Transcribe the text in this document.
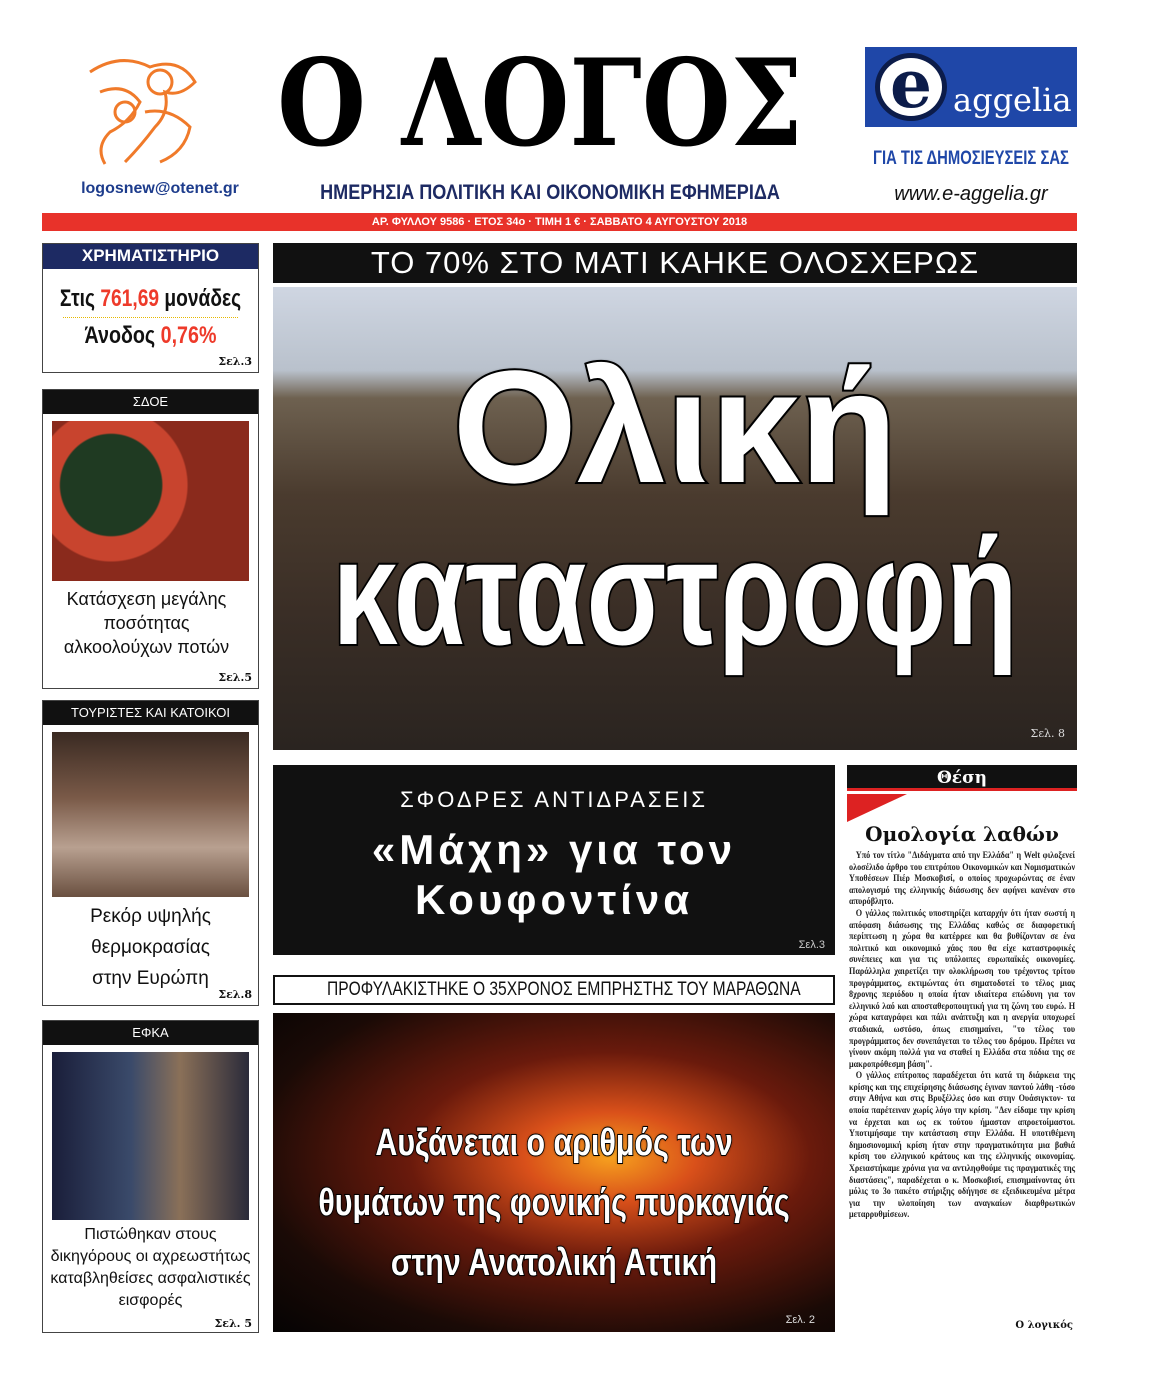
logosnew@otenet.gr
Ο ΛΟΓΟΣ
ΗΜΕΡΗΣΙΑ ΠΟΛΙΤΙΚΗ ΚΑΙ ΟΙΚΟΝΟΜΙΚΗ ΕΦΗΜΕΡΙΔΑ
ΑΡ. ΦΥΛΛΟΥ 9586 · ΕΤΟΣ 34ο · ΤΙΜΗ 1 € · ΣΑΒΒΑΤΟ 4 ΑΥΓΟΥΣΤΟΥ 2018
e aggelia
ΓΙΑ ΤΙΣ ΔΗΜΟΣΙΕΥΣΕΙΣ ΣΑΣ
www.e-aggelia.gr
ΧΡΗΜΑΤΙΣΤΗΡΙΟ
Στις 761,69 μονάδες
Άνοδος 0,76%
Σελ.3
ΣΔΟΕ
Κατάσχεση μεγάλης ποσότητας αλκοολούχων ποτών
Σελ.5
ΤΟΥΡΙΣΤΕΣ ΚΑΙ ΚΑΤΟΙΚΟΙ
Ρεκόρ υψηλής θερμοκρασίας στην Ευρώπη
Σελ.8
ΕΦΚΑ
Πιστώθηκαν στους δικηγόρους οι αχρεωστήτως καταβληθείσες ασφαλιστικές εισφορές
Σελ. 5
ΤΟ 70% ΣΤΟ ΜΑΤΙ ΚΑΗΚΕ ΟΛΟΣΧΕΡΩΣ
Ολική
καταστροφή
Σελ. 8
ΣΦΟΔΡΕΣ ΑΝΤΙΔΡΑΣΕΙΣ
«Μάχη» για τον
Κουφοντίνα
Σελ.3
ΠΡΟΦΥΛΑΚΙΣΤΗΚΕ Ο 35ΧΡΟΝΟΣ ΕΜΠΡΗΣΤΗΣ ΤΟΥ ΜΑΡΑΘΩΝΑ
Αυξάνεται ο αριθμός των
θυμάτων της φονικής πυρκαγιάς
στην Ανατολική Αττική
Σελ. 2
Θέση
Ομολογία λαθών

Υπό τον τίτλο "Διδάγματα από την Ελλάδα" η Welt φιλοξενεί ολοσέλιδο άρθρο του επιτρόπου Οικονομικών και Νομισματικών Υποθέσεων Πιέρ Μοσκοβισί, ο οποίος προχωρώντας σε έναν απολογισμό της ελληνικής διάσωσης δεν αφήνει κανέναν στο απυρόβλητο.

Ο γάλλος πολιτικός υποστηρίζει καταρχήν ότι ήταν σωστή η απόφαση διάσωσης της Ελλάδας καθώς σε διαφορετική περίπτωση η χώρα θα κατέρρεε και θα βυθίζονταν σε ένα πολιτικό και οικονομικό χάος που θα είχε καταστροφικές συνέπειες και για τις υπόλοιπες ευρωπαϊκές οικονομίες. Παράλληλα χαιρετίζει την ολοκλήρωση του τρέχοντος τρίτου προγράμματος, εκτιμώντας ότι σηματοδοτεί το τέλος μιας 8χρονης περιόδου η οποία ήταν ιδιαίτερα επώδυνη για τον ελληνικό λαό και αποσταθεροποιητική για τη ζώνη του ευρώ. Η χώρα καταγράφει και πάλι ανάπτυξη και η ανεργία υποχωρεί σταδιακά, ωστόσο, όπως επισημαίνει, "το τέλος του προγράμματος δεν συνεπάγεται το τέλος του δρόμου. Πρέπει να γίνουν ακόμη πολλά για να σταθεί η Ελλάδα στα πόδια της σε μακροπρόθεσμη βάση".

Ο γάλλος επίτροπος παραδέχεται ότι κατά τη διάρκεια της κρίσης και της επιχείρησης διάσωσης έγιναν παντού λάθη -τόσο στην Αθήνα και στις Βρυξέλλες όσο και στην Ουάσιγκτον- τα οποία παρέτειναν χωρίς λόγο την κρίση. "Δεν είδαμε την κρίση να έρχεται και ως εκ τούτου ήμασταν απροετοίμαστοι. Υποτιμήσαμε την κατάσταση στην Ελλάδα. Η υποτιθέμενη δημοσιονομική κρίση ήταν στην πραγματικότητα μια βαθιά κρίση του ελληνικού κράτους και της ελληνικής οικονομίας. Χρειαστήκαμε χρόνια για να αντιληφθούμε τις πραγματικές της διαστάσεις", παραδέχεται ο κ. Μοσκοβισί, επισημαίνοντας ότι μόλις το 3ο πακέτο στήριξης οδήγησε σε εξειδικευμένα μέτρα για την υλοποίηση των αναγκαίων διαρθρωτικών μεταρρυθμίσεων.

Ο λογικός
